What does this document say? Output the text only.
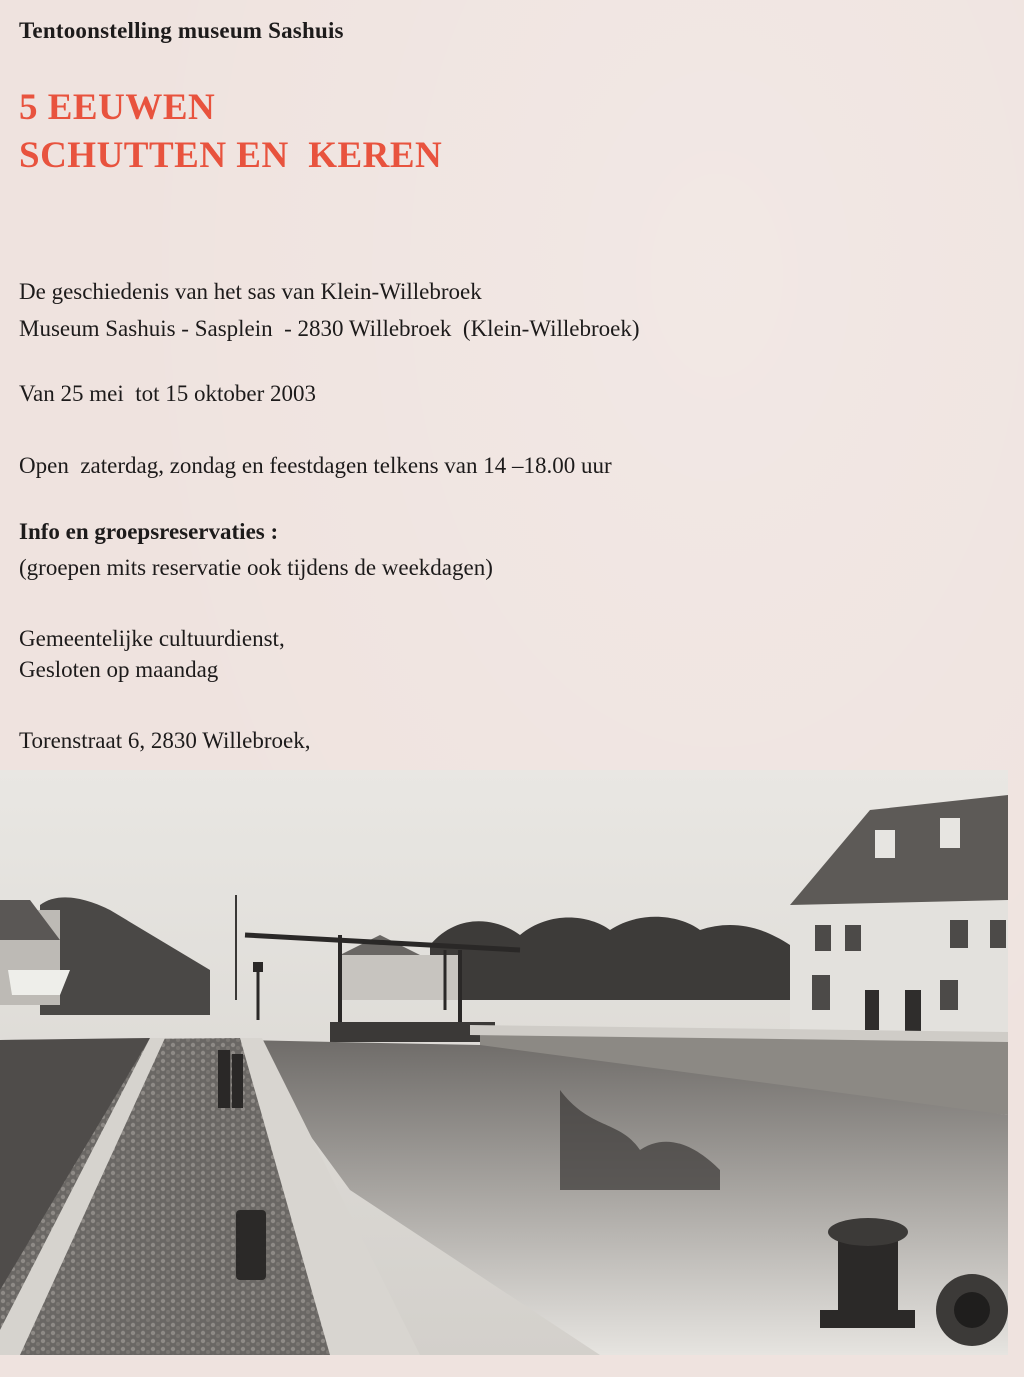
Tentoonstelling museum Sashuis
5 EEUWEN
SCHUTTEN EN  KEREN

De geschiedenis van het sas van Klein-Willebroek

Van 25 mei  tot 15 oktober 2003

Museum Sashuis - Sasplein  - 2830 Willebroek  (Klein-Willebroek)

Open  zaterdag, zondag en feestdagen telkens van 14 –18.00 uur

(groepen mits reservatie ook tijdens de weekdagen)

Gesloten op maandag

Info en groepsreservaties :

Gemeentelijke cultuurdienst,

Torenstraat 6, 2830 Willebroek,
